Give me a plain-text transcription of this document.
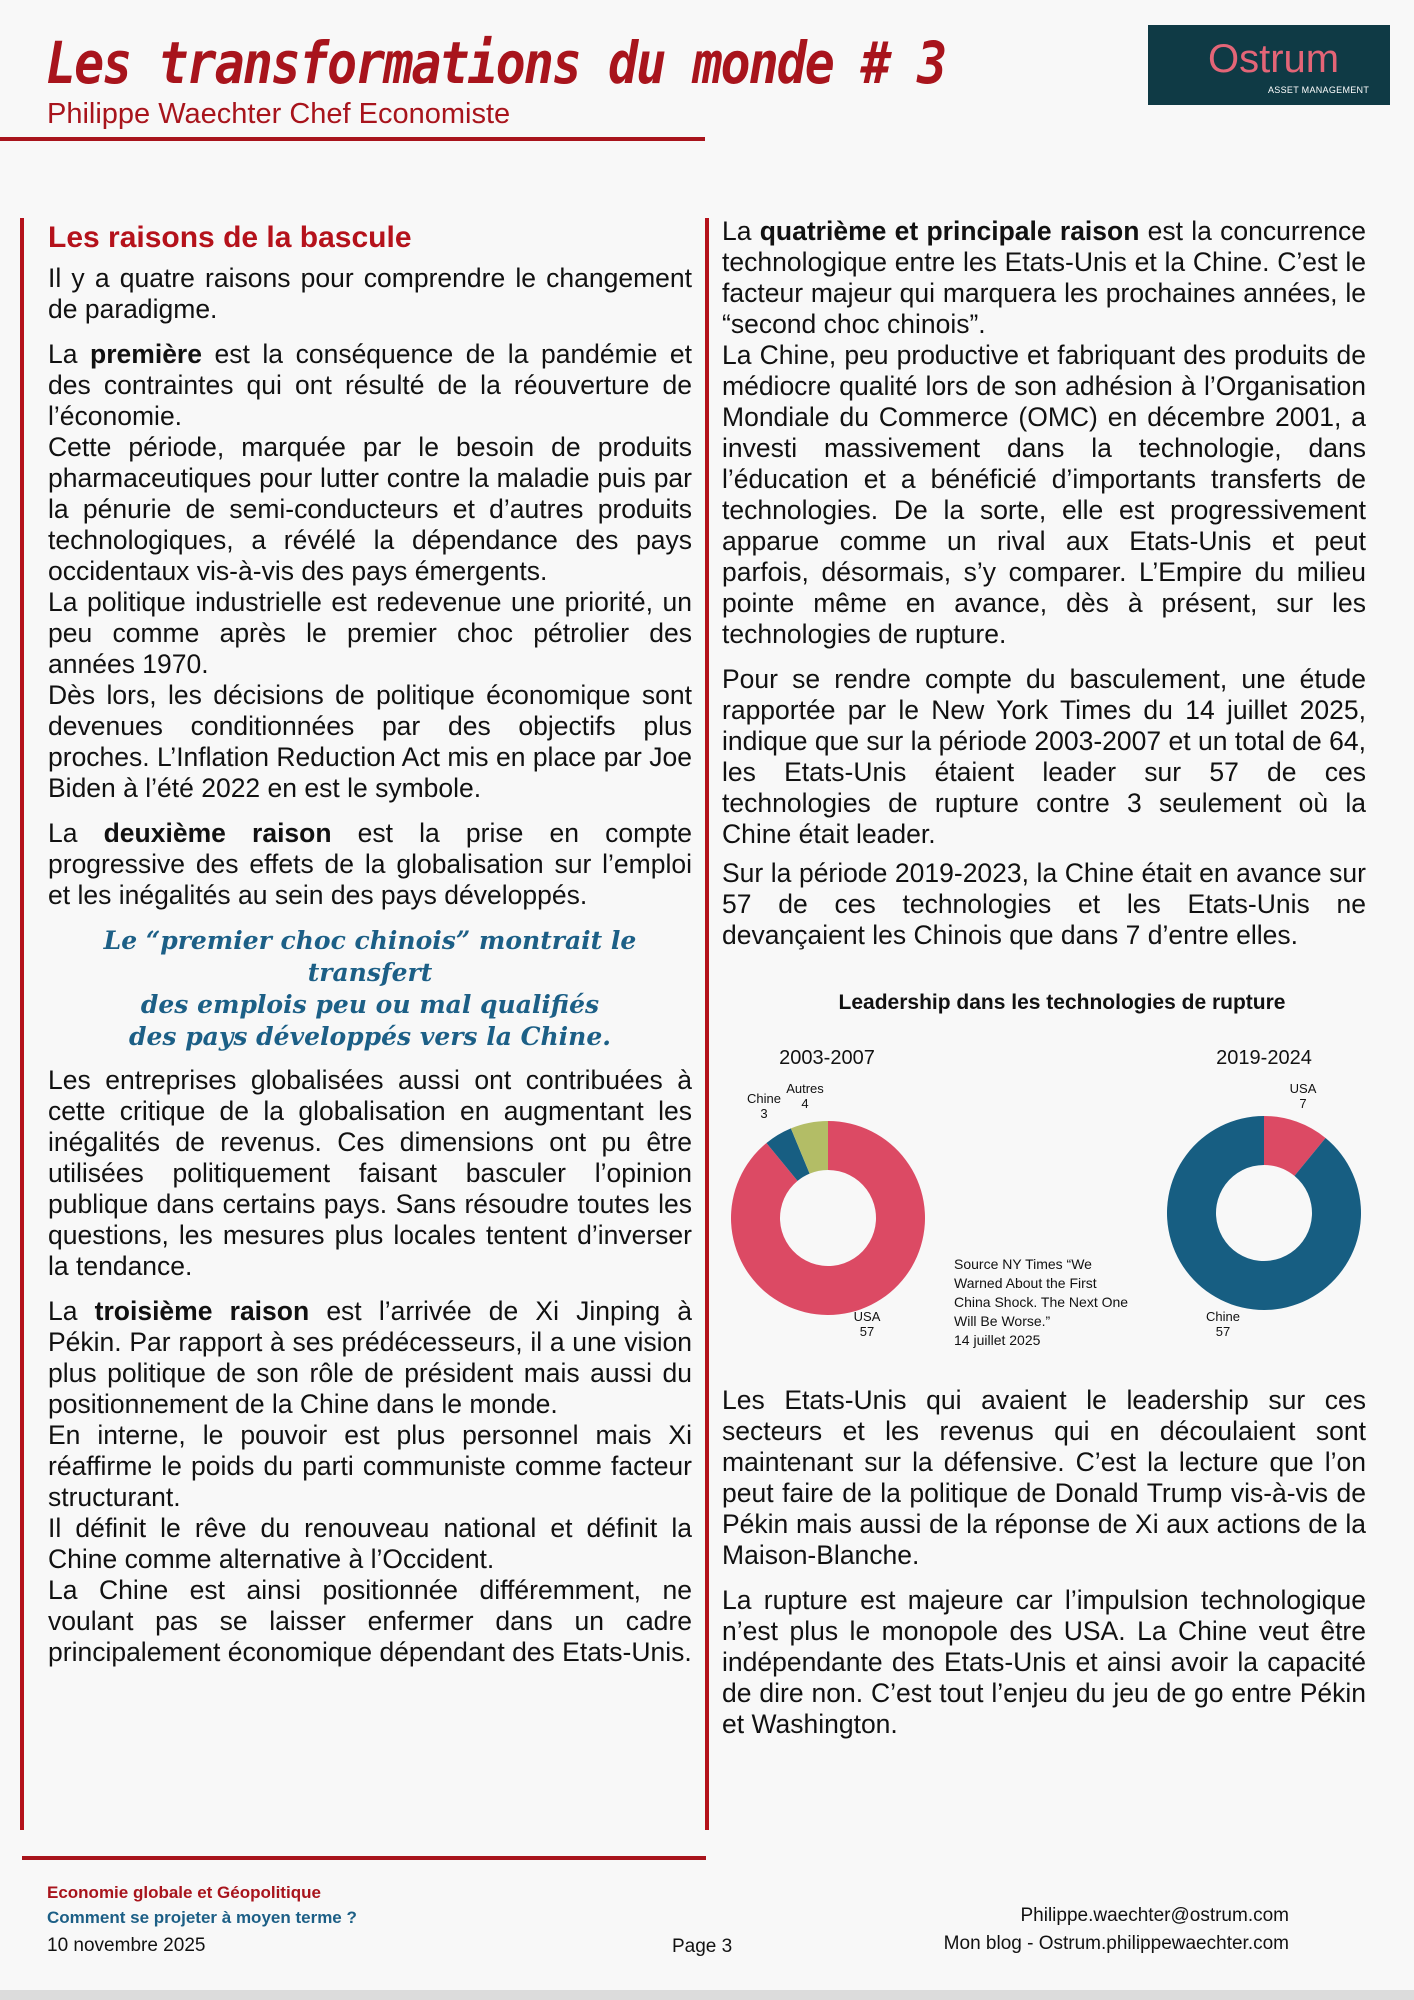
Les transformations du monde # 3
Philippe Waechter Chef Economiste
Ostrum
ASSET MANAGEMENT
Les raisons de la bascule

Il y a quatre raisons pour comprendre le changement de paradigme.

La première est la conséquence de la pandémie et des contraintes qui ont résulté de la réouverture de l’économie.

Cette période, marquée par le besoin de produits pharmaceutiques pour lutter contre la maladie puis par la pénurie de semi-conducteurs et d’autres produits technologiques, a révélé la dépendance des pays occidentaux vis-à-vis des pays émergents.

La politique industrielle est redevenue une priorité, un peu comme après le premier choc pétrolier des années 1970.

Dès lors, les décisions de politique économique sont devenues conditionnées par des objectifs plus proches. L’Inflation Reduction Act mis en place par Joe Biden à l’été 2022 en est le symbole.

La deuxième raison est la prise en compte progressive des effets de la globalisation sur l’emploi et les inégalités au sein des pays développés.

Le “premier choc chinois” montrait le transfert
des emplois peu ou mal qualifiés
des pays développés vers la Chine.

Les entreprises globalisées aussi ont contribuées à cette critique de la globalisation en augmentant les inégalités de revenus. Ces dimensions ont pu être utilisées politiquement faisant basculer l’opinion publique dans certains pays. Sans résoudre toutes les questions, les mesures plus locales tentent d’inverser la tendance.

La troisième raison est l’arrivée de Xi Jinping à Pékin. Par rapport à ses prédécesseurs, il a une vision plus politique de son rôle de président mais aussi du positionnement de la Chine dans le monde.

En interne, le pouvoir est plus personnel mais Xi réaffirme le poids du parti communiste comme facteur structurant.

Il définit le rêve du renouveau national et définit la Chine comme alternative à l’Occident.

La Chine est ainsi positionnée différemment, ne voulant pas se laisser enfermer dans un cadre principalement économique dépendant des Etats-Unis.

La quatrième et principale raison est la concurrence technologique entre les Etats-Unis et la Chine. C’est le facteur majeur qui marquera les prochaines années, le “second choc chinois”.

La Chine, peu productive et fabriquant des produits de médiocre qualité lors de son adhésion à l’Organisation Mondiale du Commerce (OMC) en décembre 2001, a investi massivement dans la technologie, dans l’éducation et a bénéficié d’importants transferts de technologies. De la sorte, elle est progressivement apparue comme un rival aux Etats-Unis et peut parfois, désormais, s’y comparer. L’Empire du milieu pointe même en avance, dès à présent, sur les technologies de rupture.

Pour se rendre compte du basculement, une étude rapportée par le New York Times du 14 juillet 2025, indique que sur la période 2003-2007 et un total de 64, les Etats-Unis étaient leader sur 57 de ces technologies de rupture contre 3 seulement où la Chine était leader.

Sur la période 2019-2023, la Chine était en avance sur 57 de ces technologies et les Etats-Unis ne devançaient les Chinois que dans 7 d’entre elles.

Leadership dans les technologies de rupture
2003-2007	2019-2024
Chine
3
Autres
4
USA
57
USA
7
Chine
57
Source NY Times “We
Warned About the First
China Shock. The Next One
Will Be Worse.”
14 juillet 2025

Les Etats-Unis qui avaient le leadership sur ces secteurs et les revenus qui en découlaient sont maintenant sur la défensive. C’est la lecture que l’on peut faire de la politique de Donald Trump vis-à-vis de Pékin mais aussi de la réponse de Xi aux actions de la Maison-Blanche.

La rupture est majeure car l’impulsion technologique n’est plus le monopole des USA. La Chine veut être indépendante des Etats-Unis et ainsi avoir la capacité de dire non. C’est tout l’enjeu du jeu de go entre Pékin et Washington.

Economie globale et Géopolitique
Comment se projeter à moyen terme ?
10 novembre 2025	Page 3
Philippe.waechter@ostrum.com
Mon blog - Ostrum.philippewaechter.com
